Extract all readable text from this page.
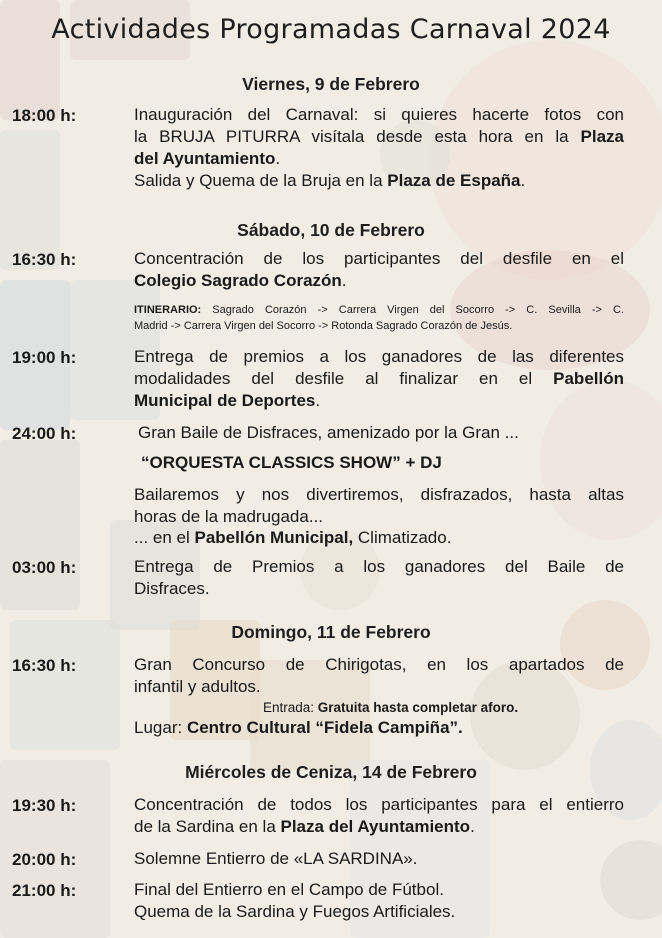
Actividades Programadas Carnaval 2024
Viernes, 9 de Febrero
18:00 h:	Inauguración del Carnaval: si quieres hacerte fotos con
la BRUJA PITURRA visítala desde esta hora en la Plaza
del Ayuntamiento.
Salida y Quema de la Bruja en la Plaza de España.
Sábado, 10 de Febrero
16:30 h:	Concentración de los participantes del desfile en el
Colegio Sagrado Corazón.
ITINERARIO: Sagrado Corazón -> Carrera Virgen del Socorro -> C. Sevilla -> C.
Madrid -> Carrera Virgen del Socorro -> Rotonda Sagrado Corazón de Jesús.
19:00 h:	Entrega de premios a los ganadores de las diferentes
modalidades del desfile al finalizar en el Pabellón
Municipal de Deportes.
24:00 h:	Gran Baile de Disfraces, amenizado por la Gran ...
“ORQUESTA CLASSICS SHOW” + DJ
Bailaremos y nos divertiremos, disfrazados, hasta altas
horas de la madrugada...
... en el Pabellón Municipal, Climatizado.
03:00 h:	Entrega de Premios a los ganadores del Baile de
Disfraces.
Domingo, 11 de Febrero
16:30 h:	Gran Concurso de Chirigotas, en los apartados de
infantil y adultos.
Entrada: Gratuita hasta completar aforo.
Lugar: Centro Cultural “Fidela Campiña”.
Miércoles de Ceniza, 14 de Febrero
19:30 h:	Concentración de todos los participantes para el entierro
de la Sardina en la Plaza del Ayuntamiento.
20:00 h:	Solemne Entierro de «LA SARDINA».
21:00 h:	Final del Entierro en el Campo de Fútbol.
Quema de la Sardina y Fuegos Artificiales.
